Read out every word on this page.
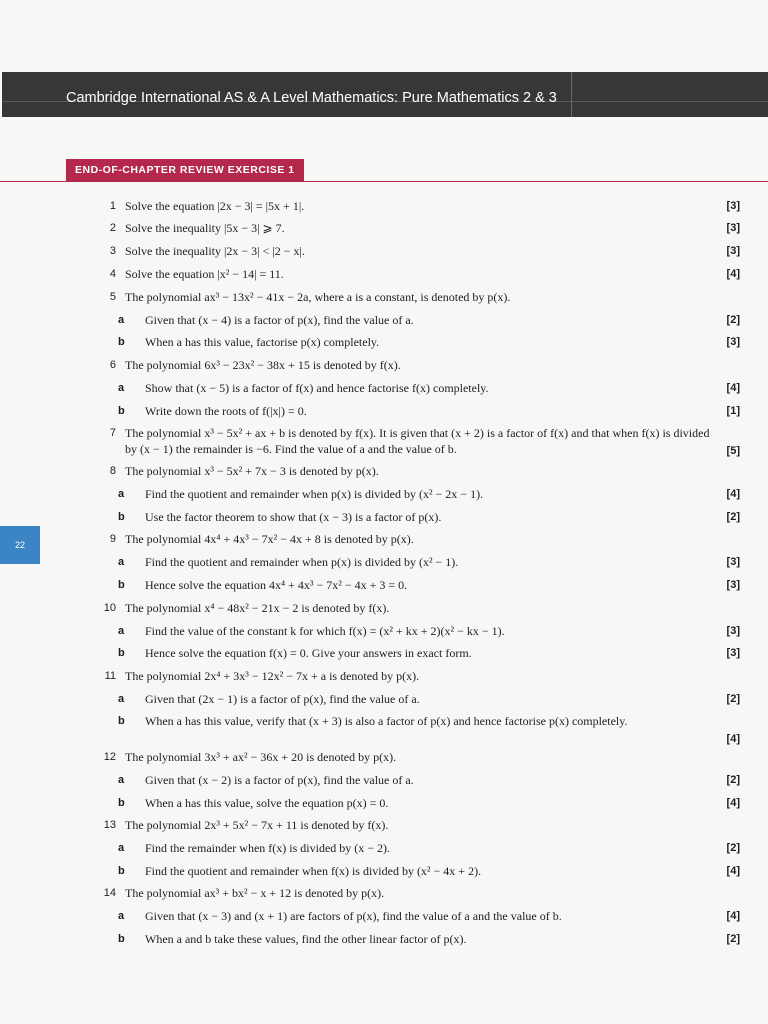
Cambridge International AS & A Level Mathematics: Pure Mathematics 2 & 3
END-OF-CHAPTER REVIEW EXERCISE 1
22
1 Solve the equation |2x − 3| = |5x + 1|.	[3]
2 Solve the inequality |5x − 3| ⩾ 7.	[3]
3 Solve the inequality |2x − 3| < |2 − x|.	[3]
4 Solve the equation |x² − 14| = 11.	[4]
5 The polynomial ax³ − 13x² − 41x − 2a, where a is a constant, is denoted by p(x).
a	Given that (x − 4) is a factor of p(x), find the value of a.	[2]
b	When a has this value, factorise p(x) completely.	[3]
6 The polynomial 6x³ − 23x² − 38x + 15 is denoted by f(x).
a	Show that (x − 5) is a factor of f(x) and hence factorise f(x) completely.	[4]
b	Write down the roots of f(|x|) = 0.	[1]
7 The polynomial x³ − 5x² + ax + b is denoted by f(x). It is given that (x + 2) is a factor of f(x) and that when f(x) is divided by (x − 1) the remainder is −6. Find the value of a and the value of b.	[5]
8 The polynomial x³ − 5x² + 7x − 3 is denoted by p(x).
a	Find the quotient and remainder when p(x) is divided by (x² − 2x − 1).	[4]
b	Use the factor theorem to show that (x − 3) is a factor of p(x).	[2]
9 The polynomial 4x⁴ + 4x³ − 7x² − 4x + 8 is denoted by p(x).
a	Find the quotient and remainder when p(x) is divided by (x² − 1).	[3]
b	Hence solve the equation 4x⁴ + 4x³ − 7x² − 4x + 3 = 0.	[3]
10 The polynomial x⁴ − 48x² − 21x − 2 is denoted by f(x).
a	Find the value of the constant k for which f(x) = (x² + kx + 2)(x² − kx − 1).	[3]
b	Hence solve the equation f(x) = 0. Give your answers in exact form.	[3]
11 The polynomial 2x⁴ + 3x³ − 12x² − 7x + a is denoted by p(x).
a	Given that (2x − 1) is a factor of p(x), find the value of a.	[2]
b	When a has this value, verify that (x + 3) is also a factor of p(x) and hence factorise p(x) completely.
[4]
12 The polynomial 3x³ + ax² − 36x + 20 is denoted by p(x).
a	Given that (x − 2) is a factor of p(x), find the value of a.	[2]
b	When a has this value, solve the equation p(x) = 0.	[4]
13 The polynomial 2x³ + 5x² − 7x + 11 is denoted by f(x).
a	Find the remainder when f(x) is divided by (x − 2).	[2]
b	Find the quotient and remainder when f(x) is divided by (x² − 4x + 2).	[4]
14 The polynomial ax³ + bx² − x + 12 is denoted by p(x).
a	Given that (x − 3) and (x + 1) are factors of p(x), find the value of a and the value of b.	[4]
b	When a and b take these values, find the other linear factor of p(x).	[2]
